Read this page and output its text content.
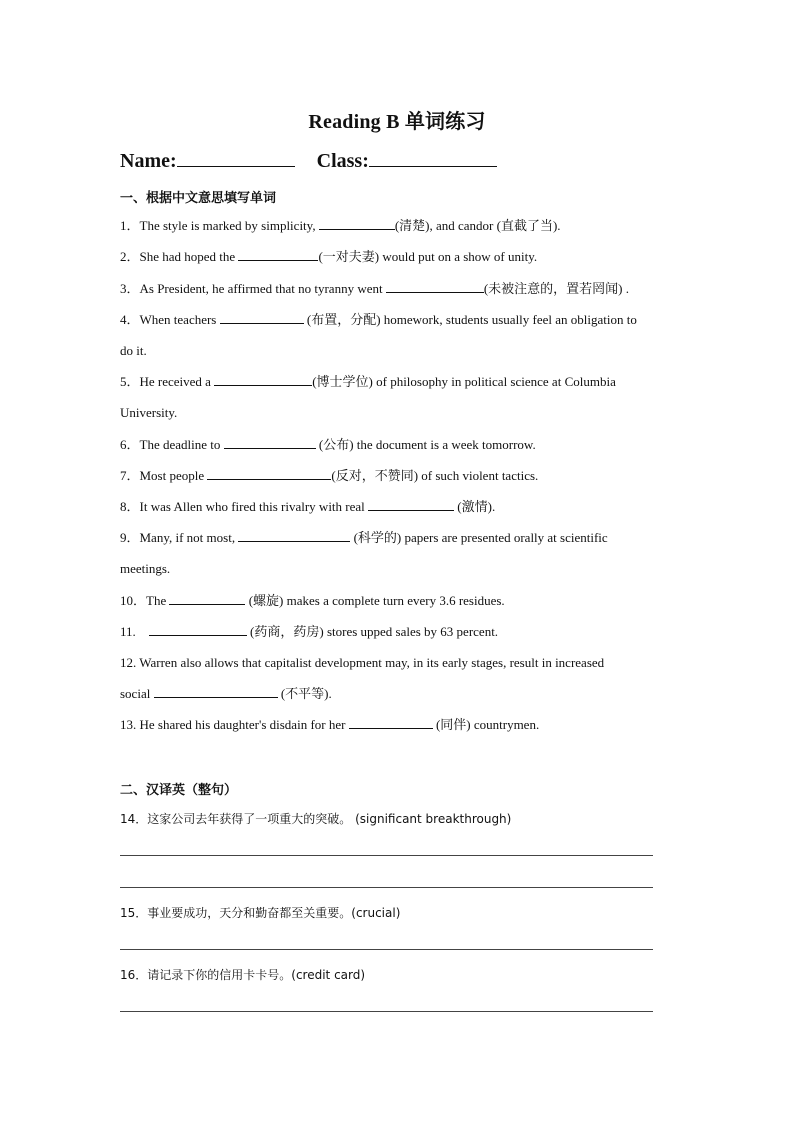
Reading B 单词练习
Name:	Class:
一、根据中文意思填写单词
1．The style is marked by simplicity,	(清楚), and candor (直截了当).
2．She had hoped the	(一对夫妻) would put on a show of unity.
3．As President, he affirmed that no tyranny went	(未被注意的，置若罔闻) .
4．When teachers	(布置，分配) homework, students usually feel an obligation to
do it.
5．He received a	(博士学位) of philosophy in political science at Columbia
University.
6．The deadline to	(公布) the document is a week tomorrow.
7．Most people	(反对，不赞同) of such violent tactics.
8．It was Allen who fired this rivalry with real	(激情).
9．Many, if not most,	(科学的) papers are presented orally at scientific
meetings.
10．The	(螺旋) makes a complete turn every 3.6 residues.
11.	(药商，药房) stores upped sales by 63 percent.
12. Warren also allows that capitalist development may, in its early stages, result in increased
social	(不平等).
13. He shared his daughter's disdain for her	(同伴) countrymen.
二、汉译英（整句）
14．这家公司去年获得了一项重大的突破。 (significant breakthrough)
15．事业要成功，天分和勤奋都至关重要。(crucial)
16．请记录下你的信用卡卡号。(credit card)
